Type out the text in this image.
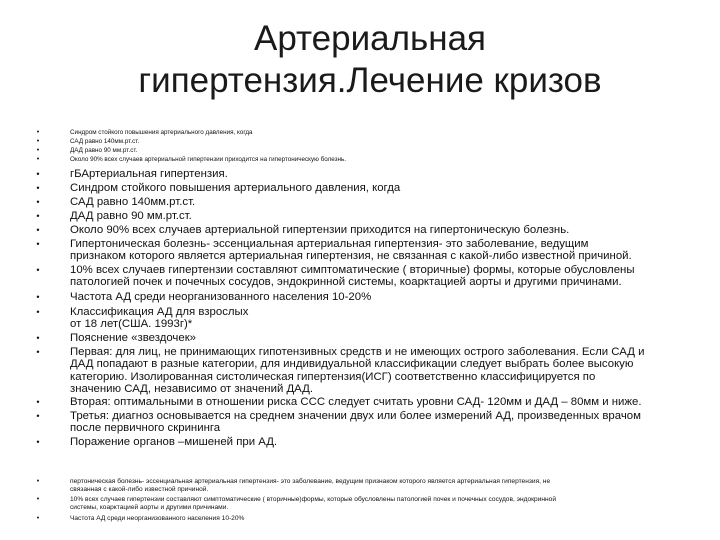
Артериальная
гипертензия.Лечение кризов
•	Синдром стойкого повышения артериального давления, когда
•	САД равно 140мм.рт.ст.
•	ДАД равно 90 мм.рт.ст.
•	Около 90% всех случаев артериальной гипертензии приходится на гипертоническую болезнь.
•	гБАртериальная гипертензия.
•	Синдром стойкого повышения артериального давления, когда
•	САД равно 140мм.рт.ст.
•	ДАД равно 90 мм.рт.ст.
•	Около 90% всех случаев артериальной гипертензии приходится на гипертоническую болезнь.
•	Гипертоническая болезнь- эссенциальная артериальная гипертензия- это заболевание, ведущим
признаком которого является артериальная гипертензия, не связанная с какой-либо известной причиной.
•	10% всех случаев гипертензии составляют симптоматические ( вторичные) формы, которые обусловлены
патологией почек и почечных сосудов, эндокринной системы, коарктацией аорты и другими причинами.
•	Частота АД среди неорганизованного населения 10-20%
•	Классификация АД для взрослых
от 18 лет(США. 1993г)*
•	Пояснение «звездочек»
•	Первая: для лиц, не принимающих гипотензивных средств и не имеющих острого заболевания. Если САД и
ДАД попадают в разные категории, для индивидуальной классификации следует выбрать более высокую
категорию. Изолированная систолическая гипертензия(ИСГ) соответственно классифицируется по
значению САД, независимо от значений ДАД.
•	Вторая: оптимальными в отношении риска ССС следует считать уровни САД- 120мм и ДАД – 80мм и ниже.
•	Третья: диагноз основывается на среднем значении двух или более измерений АД, произведенных врачом
после первичного скрининга
•	Поражение органов –мишеней при АД.
•	пертоническая болезнь- эссенциальная артериальная гипертензия- это заболевание, ведущим признаком которого является артериальная гипертензия, не
связанная с какой-либо известной причиной.
•	10% всех случаев гипертензии составляют симптоматические ( вторичные)формы, которые обусловлены патологией почек и почечных сосудов, эндокринной
системы, коарктацией аорты и другими причинами.
•	Частота АД среди неорганизованного населения 10-20%
